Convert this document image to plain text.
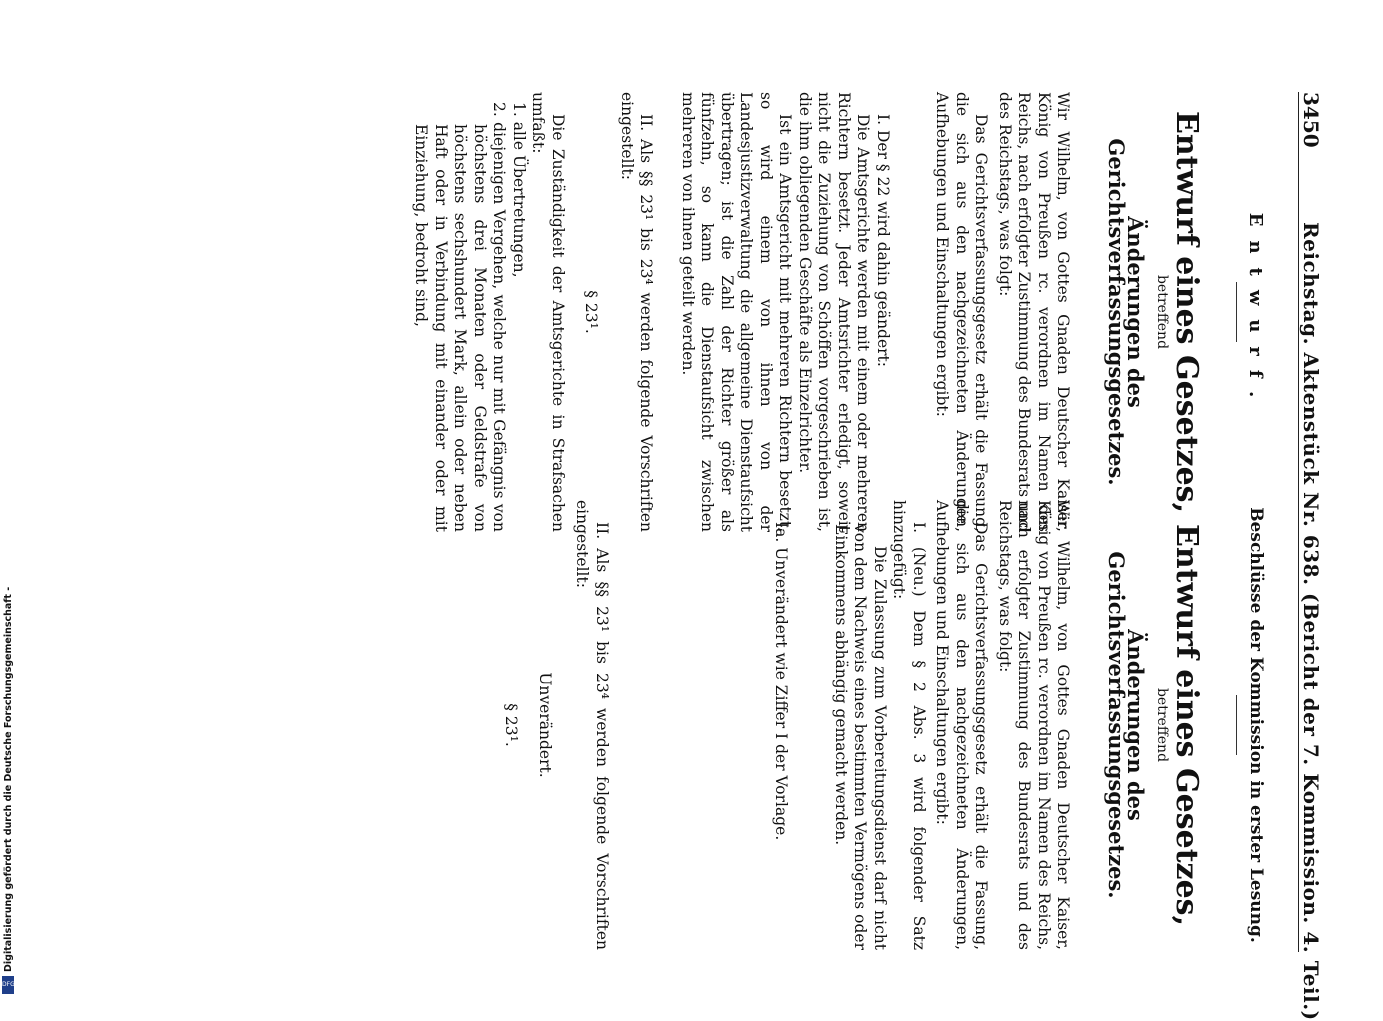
3450
Reichstag. Aktenstück Nr. 638. (Bericht der 7. Kommission. 4. Teil.)
Entwurf.
Entwurf eines Gesetzes,
betreffend
Änderungen des Gerichtsverfassungsgesetzes.

Wir Wilhelm, von Gottes Gnaden Deutscher Kaiser, König von Preußen rc. verordnen im Namen des Reichs, nach erfolgter Zustimmung des Bundesrats und des Reichstags, was folgt:

Das Gerichtsverfassungsgesetz erhält die Fassung, die sich aus den nachgezeichneten Änderungen, Aufhebungen und Einschaltungen ergibt:

I. Der § 22 wird dahin geändert:

Die Amtsgerichte werden mit einem oder mehreren Richtern besetzt. Jeder Amtsrichter erledigt, soweit nicht die Zuziehung von Schöffen vorgeschrieben ist, die ihm obliegenden Geschäfte als Einzelrichter.

Ist ein Amtsgericht mit mehreren Richtern besetzt, so wird einem von ihnen von der Landesjustizverwaltung die allgemeine Dienstaufsicht übertragen; ist die Zahl der Richter größer als fünfzehn, so kann die Dienstaufsicht zwischen mehreren von ihnen geteilt werden.

II. Als §§ 23¹ bis 23⁴ werden folgende Vorschriften eingestellt:

§ 23¹.

Die Zuständigkeit der Amtsgerichte in Strafsachen umfaßt:

1. alle Übertretungen,

2. diejenigen Vergehen, welche nur mit Gefängnis von höchstens drei Monaten oder Geldstrafe von höchstens sechshundert Mark, allein oder neben Haft oder in Verbindung mit einander oder mit Einziehung, bedroht sind,

Beschlüsse der Kommission in erster Lesung.
Entwurf eines Gesetzes,
betreffend
Änderungen des Gerichtsverfassungsgesetzes.

Wir Wilhelm, von Gottes Gnaden Deutscher Kaiser, König von Preußen rc. verordnen im Namen des Reichs, nach erfolgter Zustimmung des Bundesrats und des Reichstags, was folgt:

Das Gerichtsverfassungsgesetz erhält die Fassung, die sich aus den nachgezeichneten Änderungen, Aufhebungen und Einschaltungen ergibt:

I. (Neu.) Dem § 2 Abs. 3 wird folgender Satz hinzugefügt:

Die Zulassung zum Vorbereitungsdienst darf nicht von dem Nachweis eines bestimmten Vermögens oder Einkommens abhängig gemacht werden.

Ia. Unverändert wie Ziffer I der Vorlage.

II. Als §§ 23¹ bis 23⁴ werden folgende Vorschriften eingestellt:

Unverändert.
§ 23¹.
Digitalisierung gefördert durch die Deutsche Forschungsgemeinschaft -
DFG
